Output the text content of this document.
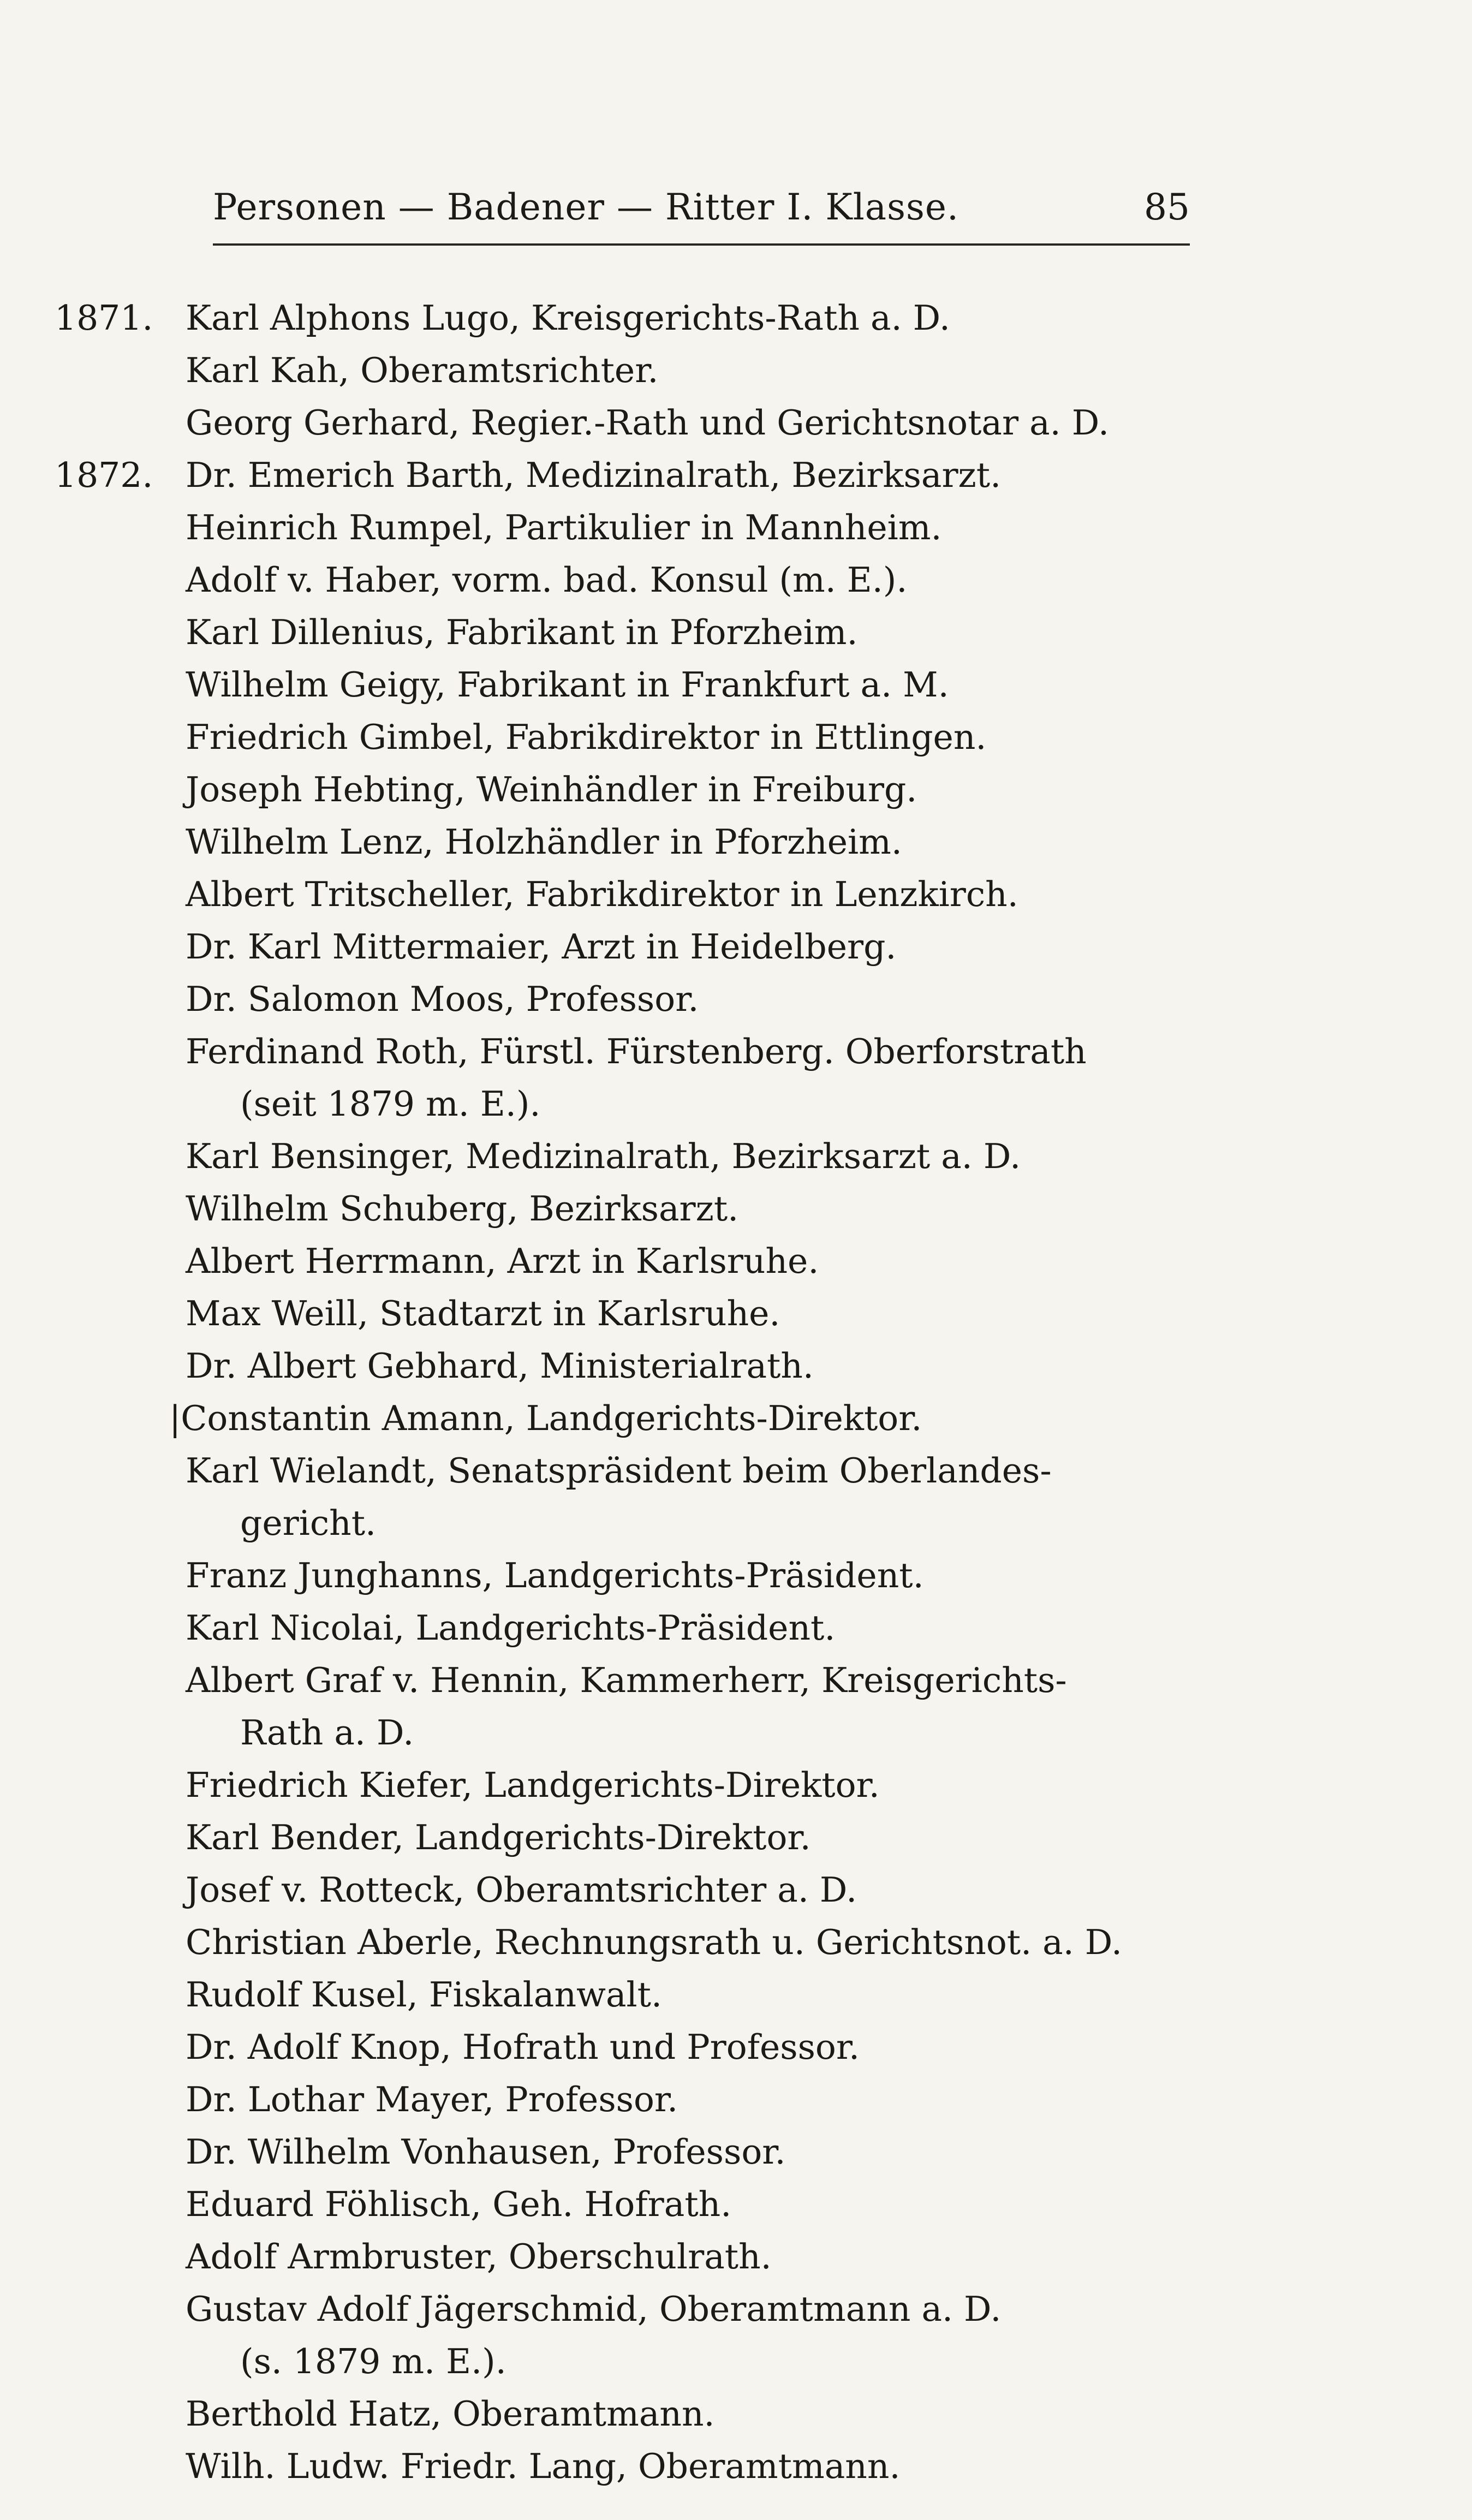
Personen — Badener — Ritter I. Klasse.	85
1871. Karl Alphons Lugo, Kreisgerichts-Rath a. D.
Karl Kah, Oberamtsrichter.
Georg Gerhard, Regier.-Rath und Gerichtsnotar a. D.
1872. Dr. Emerich Barth, Medizinalrath, Bezirksarzt.
Heinrich Rumpel, Partikulier in Mannheim.
Adolf v. Haber, vorm. bad. Konsul (m. E.).
Karl Dillenius, Fabrikant in Pforzheim.
Wilhelm Geigy, Fabrikant in Frankfurt a. M.
Friedrich Gimbel, Fabrikdirektor in Ettlingen.
Joseph Hebting, Weinhändler in Freiburg.
Wilhelm Lenz, Holzhändler in Pforzheim.
Albert Tritscheller, Fabrikdirektor in Lenzkirch.
Dr. Karl Mittermaier, Arzt in Heidelberg.
Dr. Salomon Moos, Professor.
Ferdinand Roth, Fürstl. Fürstenberg. Oberforstrath
(seit 1879 m. E.).
Karl Bensinger, Medizinalrath, Bezirksarzt a. D.
Wilhelm Schuberg, Bezirksarzt.
Albert Herrmann, Arzt in Karlsruhe.
Max Weill, Stadtarzt in Karlsruhe.
Dr. Albert Gebhard, Ministerialrath.
|Constantin Amann, Landgerichts-Direktor.
Karl Wielandt, Senatspräsident beim Oberlandes-
gericht.
Franz Junghanns, Landgerichts-Präsident.
Karl Nicolai, Landgerichts-Präsident.
Albert Graf v. Hennin, Kammerherr, Kreisgerichts-
Rath a. D.
Friedrich Kiefer, Landgerichts-Direktor.
Karl Bender, Landgerichts-Direktor.
Josef v. Rotteck, Oberamtsrichter a. D.
Christian Aberle, Rechnungsrath u. Gerichtsnot. a. D.
Rudolf Kusel, Fiskalanwalt.
Dr. Adolf Knop, Hofrath und Professor.
Dr. Lothar Mayer, Professor.
Dr. Wilhelm Vonhausen, Professor.
Eduard Föhlisch, Geh. Hofrath.
Adolf Armbruster, Oberschulrath.
Gustav Adolf Jägerschmid, Oberamtmann a. D.
(s. 1879 m. E.).
Berthold Hatz, Oberamtmann.
Wilh. Ludw. Friedr. Lang, Oberamtmann.
